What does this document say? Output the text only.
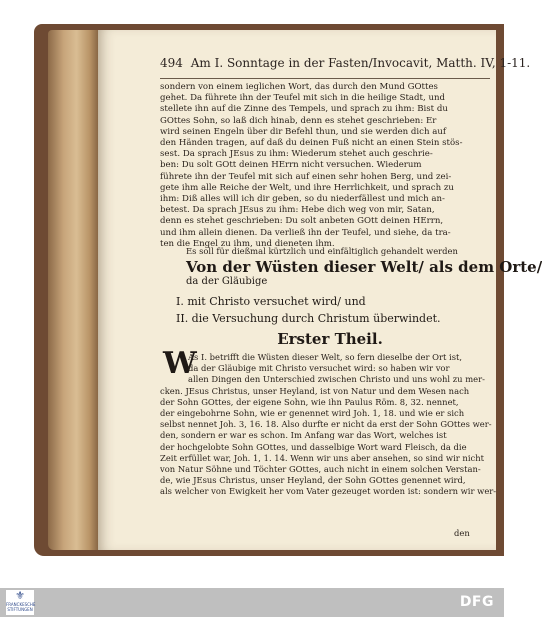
494 Am I. Sonntage in der Fasten/Invocavit, Matth. IV, 1-11.
sondern von einem ieglichen Wort, das durch den Mund GOttes
gehet. Da führete ihn der Teufel mit sich in die heilige Stadt, und
stellete ihn auf die Zinne des Tempels, und sprach zu ihm: Bist du
GOttes Sohn, so laß dich hinab, denn es stehet geschrieben: Er
wird seinen Engeln über dir Befehl thun, und sie werden dich auf
den Händen tragen, auf daß du deinen Fuß nicht an einen Stein stös-
sest. Da sprach JEsus zu ihm: Wiederum stehet auch geschrie-
ben: Du solt GOtt deinen HErrn nicht versuchen. Wiederum
führete ihn der Teufel mit sich auf einen sehr hohen Berg, und zei-
gete ihm alle Reiche der Welt, und ihre Herrlichkeit, und sprach zu
ihm: Diß alles will ich dir geben, so du niederfällest und mich an-
betest. Da sprach JEsus zu ihm: Hebe dich weg von mir, Satan,
denn es stehet geschrieben: Du solt anbeten GOtt deinen HErrn,
und ihm allein dienen. Da verließ ihn der Teufel, und siehe, da tra-
ten die Engel zu ihm, und dieneten ihm.
Es soll für dießmal kürtzlich und einfältiglich gehandelt werden
Von der Wüsten dieser Welt/ als dem Orte/
da der Gläubige
I. mit Christo versuchet wird/ und
II. die Versuchung durch Christum überwindet.
Erster Theil.
W
As I. betrifft die Wüsten dieser Welt, so fern dieselbe der Ort ist,
da der Gläubige mit Christo versuchet wird: so haben wir vor
allen Dingen den Unterschied zwischen Christo und uns wohl zu mer-
cken. JEsus Christus, unser Heyland, ist von Natur und dem Wesen nach
der Sohn GOttes, der eigene Sohn, wie ihn Paulus Röm. 8, 32. nennet,
der eingebohrne Sohn, wie er genennet wird Joh. 1, 18. und wie er sich
selbst nennet Joh. 3, 16. 18. Also durfte er nicht da erst der Sohn GOttes wer-
den, sondern er war es schon. Im Anfang war das Wort, welches ist
der hochgelobte Sohn GOttes, und dasselbige Wort ward Fleisch, da die
Zeit erfüllet war, Joh. 1, 1. 14. Wenn wir uns aber ansehen, so sind wir nicht
von Natur Söhne und Töchter GOttes, auch nicht in einem solchen Verstan-
de, wie JEsus Christus, unser Heyland, der Sohn GOttes genennet wird,
als welcher von Ewigkeit her vom Vater gezeuget worden ist: sondern wir wer-
den
⚜
FRANCKESCHE STIFTUNGEN	DFG
